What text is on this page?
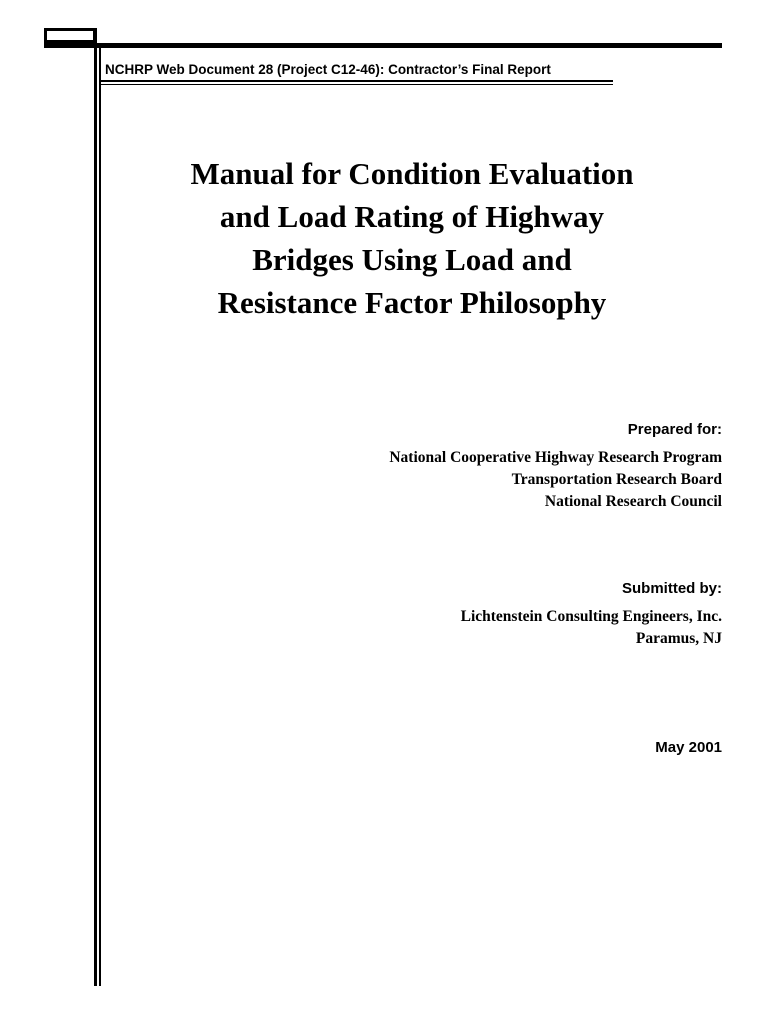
NCHRP Web Document 28 (Project C12-46): Contractor’s Final Report
Manual for Condition Evaluation
and Load Rating of Highway
Bridges Using Load and
Resistance Factor Philosophy
Prepared for:
National Cooperative Highway Research Program
Transportation Research Board
National Research Council
Submitted by:
Lichtenstein Consulting Engineers, Inc.
Paramus, NJ
May 2001
